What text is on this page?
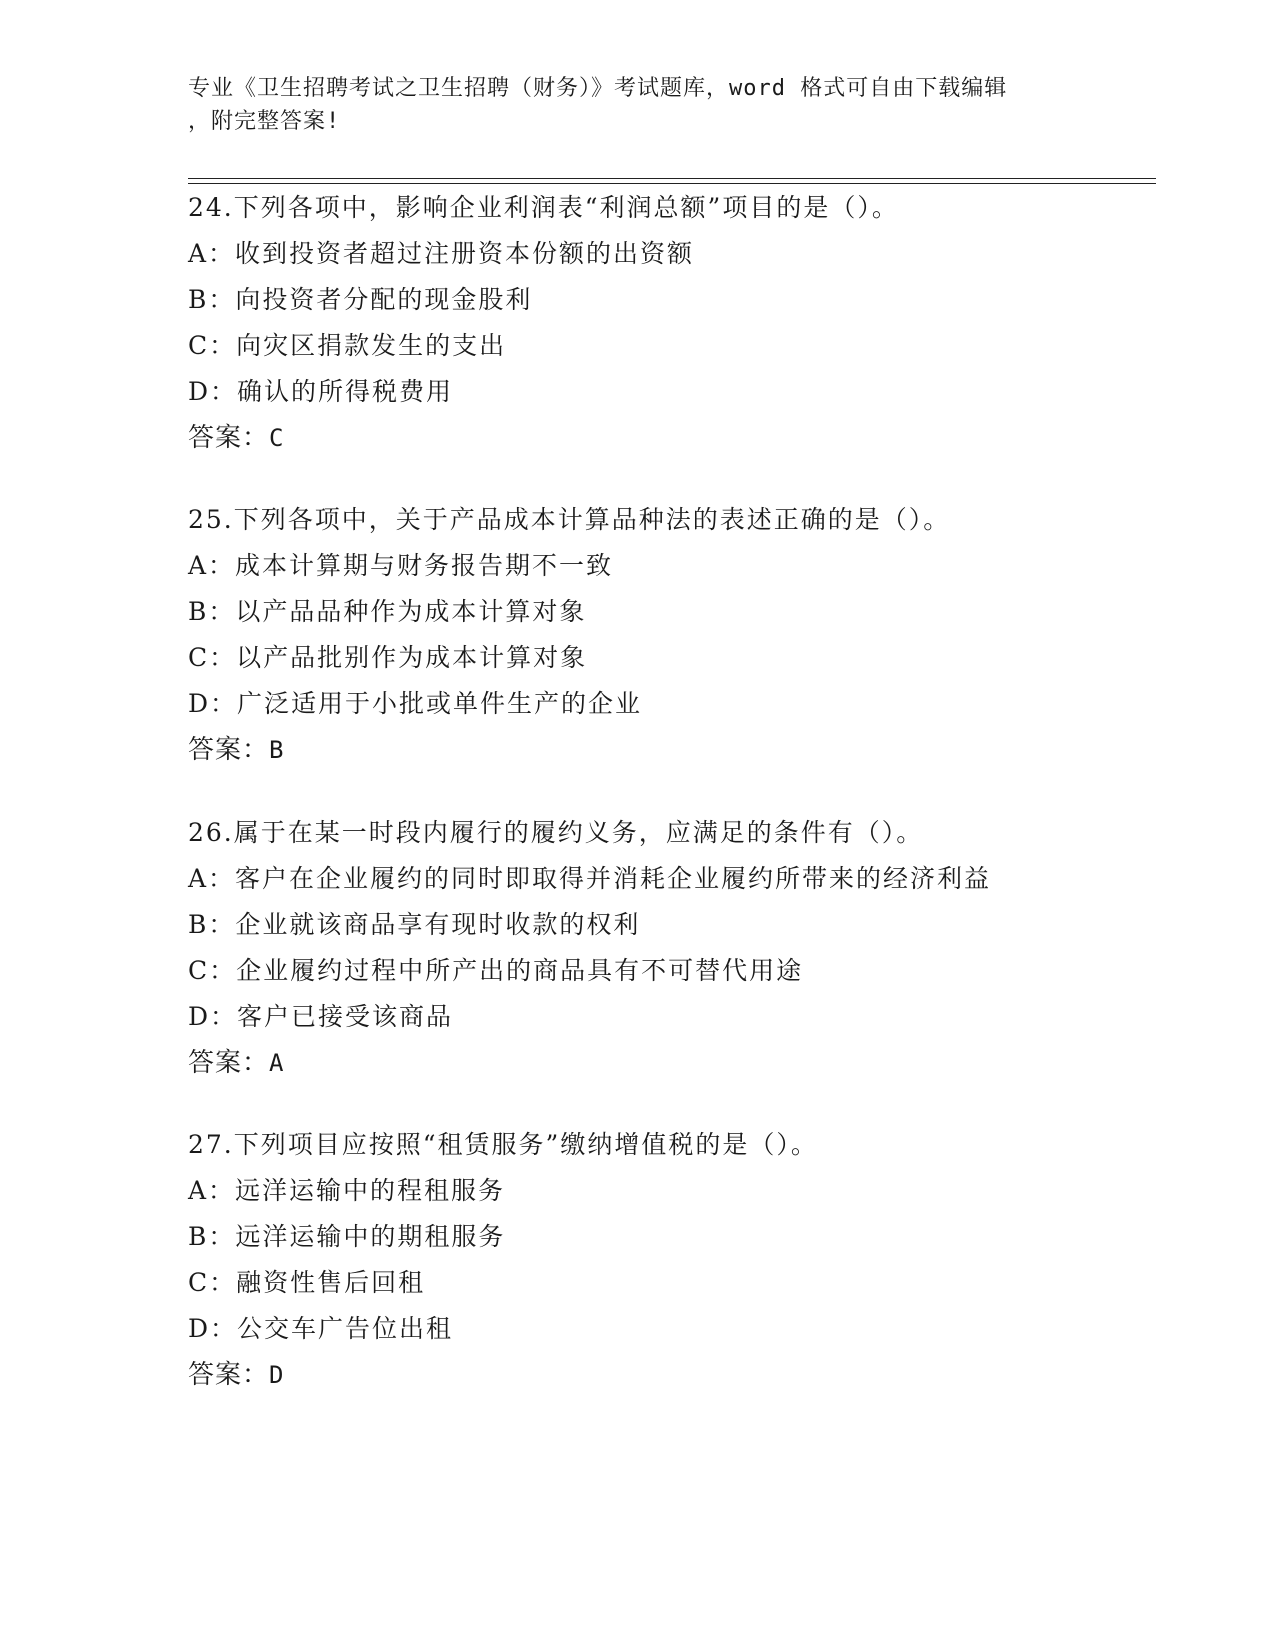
专业《卫生招聘考试之卫生招聘（财务）》考试题库，word 格式可自由下载编辑
，附完整答案!
24.下列各项中，影响企业利润表“利润总额”项目的是（）。
A：收到投资者超过注册资本份额的出资额
B：向投资者分配的现金股利
C：向灾区捐款发生的支出
D：确认的所得税费用
答案：C
25.下列各项中，关于产品成本计算品种法的表述正确的是（）。
A：成本计算期与财务报告期不一致
B：以产品品种作为成本计算对象
C：以产品批别作为成本计算对象
D：广泛适用于小批或单件生产的企业
答案：B
26.属于在某一时段内履行的履约义务，应满足的条件有（）。
A：客户在企业履约的同时即取得并消耗企业履约所带来的经济利益
B：企业就该商品享有现时收款的权利
C：企业履约过程中所产出的商品具有不可替代用途
D：客户已接受该商品
答案：A
27.下列项目应按照“租赁服务”缴纳增值税的是（）。
A：远洋运输中的程租服务
B：远洋运输中的期租服务
C：融资性售后回租
D：公交车广告位出租
答案：D
